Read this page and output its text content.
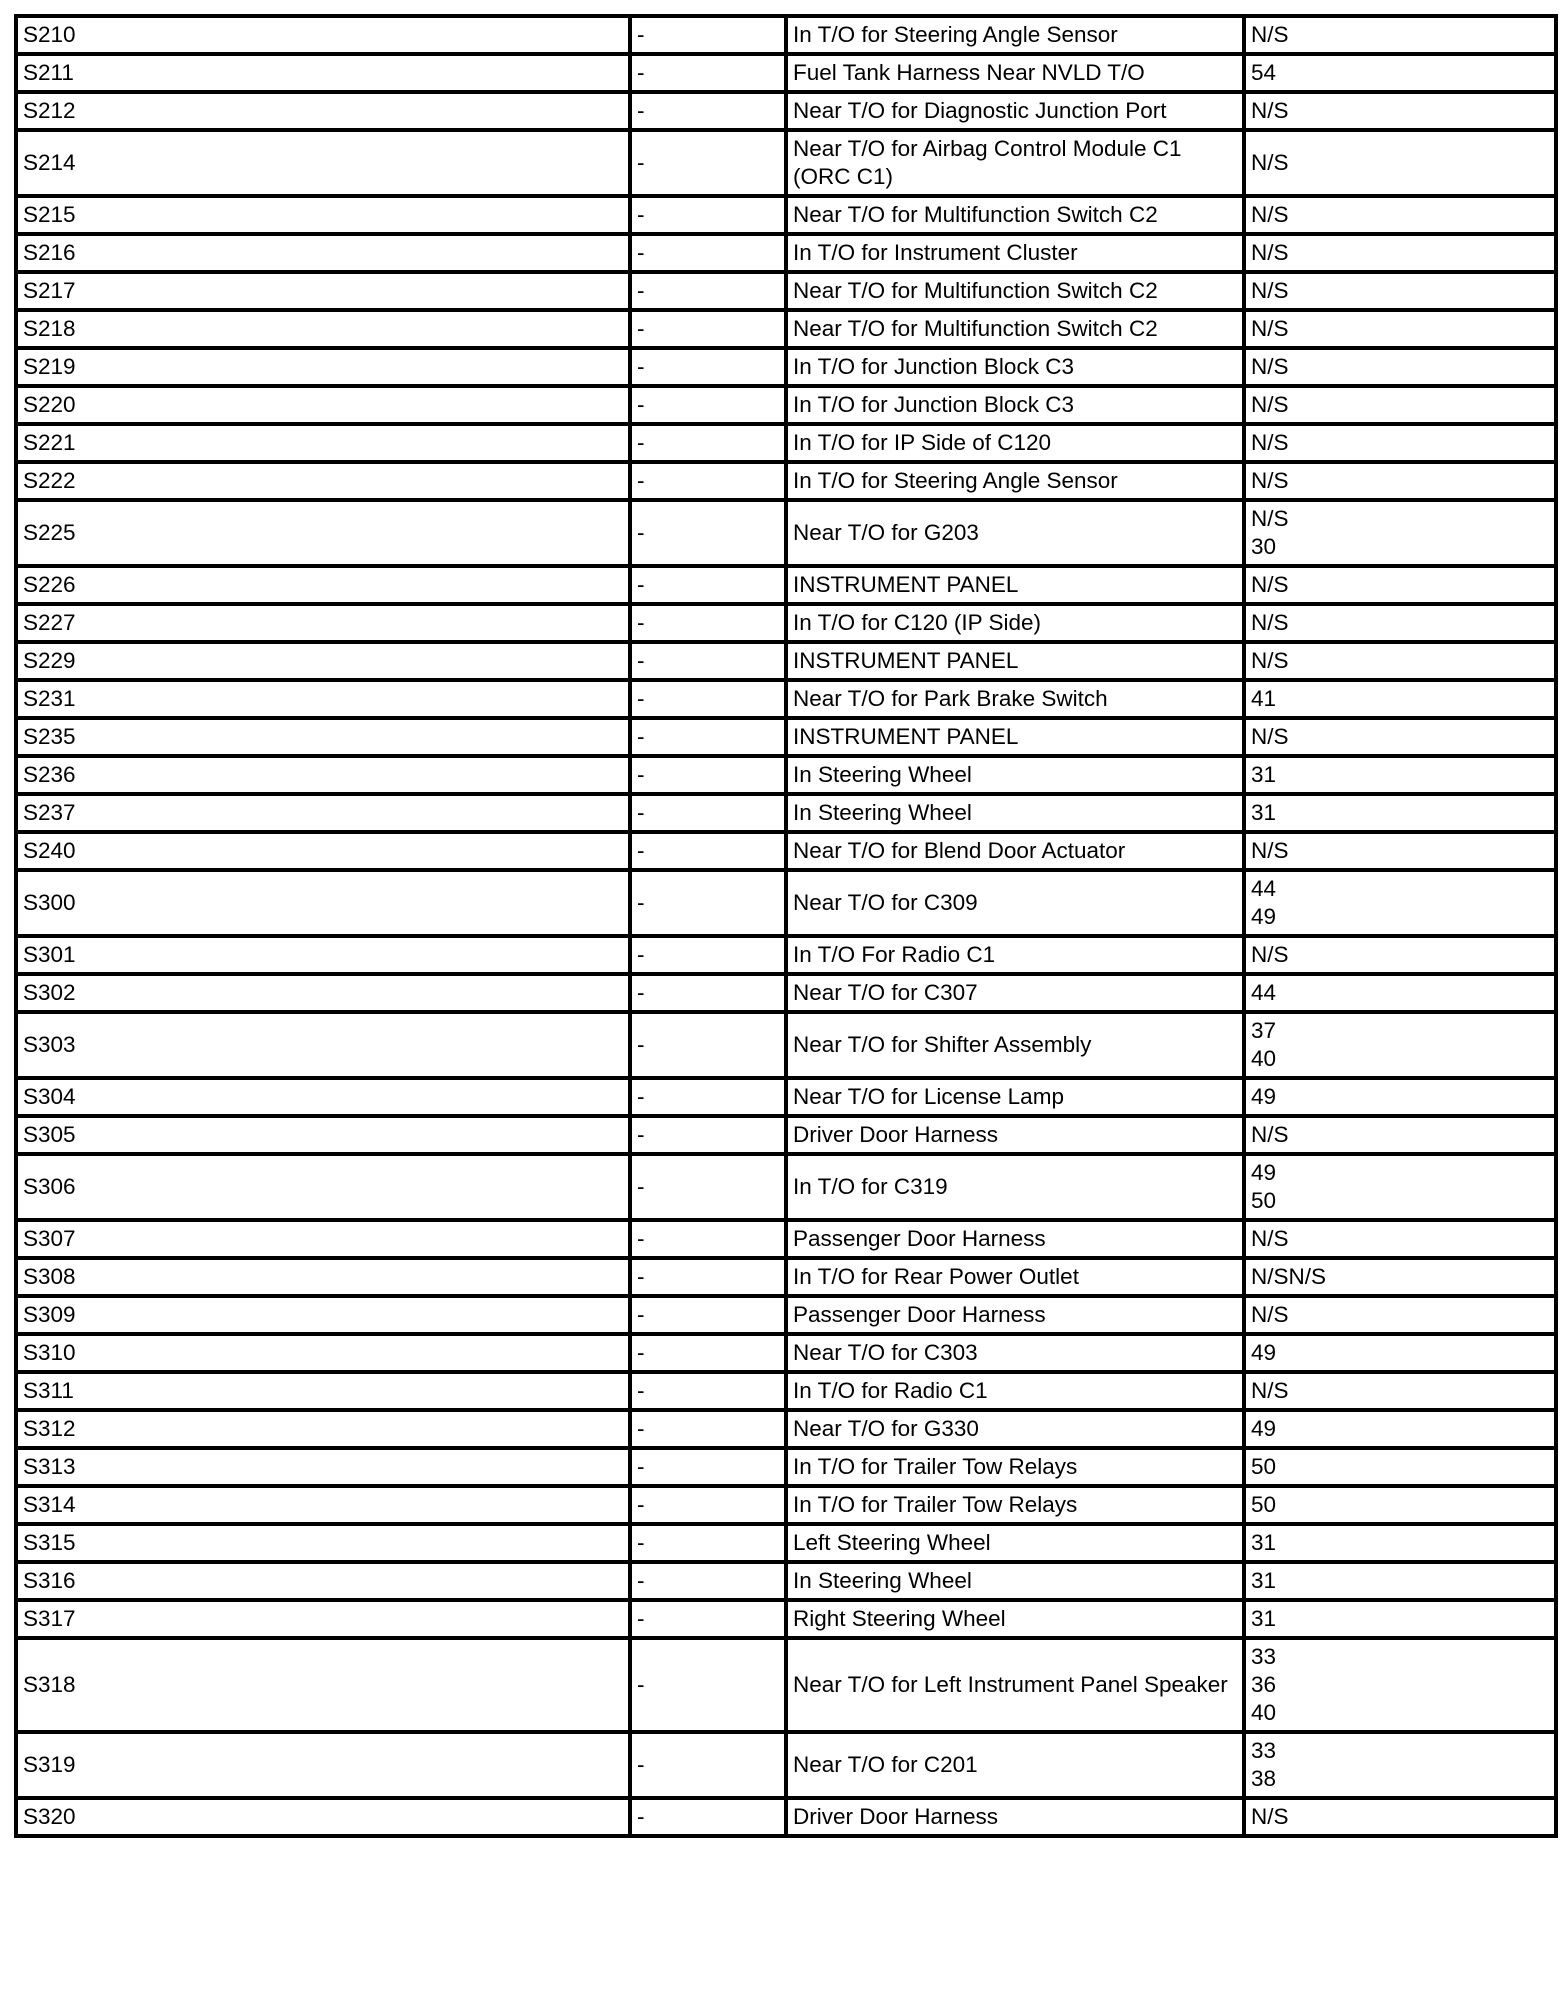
S210	-	In T/O for Steering Angle Sensor	N/S

S211	-	Fuel Tank Harness Near NVLD T/O	54

S212	-	Near T/O for Diagnostic Junction Port	N/S

S214	-	Near T/O for Airbag Control Module C1 (ORC C1)	N/S

S215	-	Near T/O for Multifunction Switch C2	N/S

S216	-	In T/O for Instrument Cluster	N/S

S217	-	Near T/O for Multifunction Switch C2	N/S

S218	-	Near T/O for Multifunction Switch C2	N/S

S219	-	In T/O for Junction Block C3	N/S

S220	-	In T/O for Junction Block C3	N/S

S221	-	In T/O for IP Side of C120	N/S

S222	-	In T/O for Steering Angle Sensor	N/S

S225	-	Near T/O for G203	N/S
30

S226	-	INSTRUMENT PANEL	N/S

S227	-	In T/O for C120 (IP Side)	N/S

S229	-	INSTRUMENT PANEL	N/S

S231	-	Near T/O for Park Brake Switch	41

S235	-	INSTRUMENT PANEL	N/S

S236	-	In Steering Wheel	31

S237	-	In Steering Wheel	31

S240	-	Near T/O for Blend Door Actuator	N/S

S300	-	Near T/O for C309	44
49

S301	-	In T/O For Radio C1	N/S

S302	-	Near T/O for C307	44

S303	-	Near T/O for Shifter Assembly	37
40

S304	-	Near T/O for License Lamp	49

S305	-	Driver Door Harness	N/S

S306	-	In T/O for C319	49
50

S307	-	Passenger Door Harness	N/S

S308	-	In T/O for Rear Power Outlet	N/SN/S

S309	-	Passenger Door Harness	N/S

S310	-	Near T/O for C303	49

S311	-	In T/O for Radio C1	N/S

S312	-	Near T/O for G330	49

S313	-	In T/O for Trailer Tow Relays	50

S314	-	In T/O for Trailer Tow Relays	50

S315	-	Left Steering Wheel	31

S316	-	In Steering Wheel	31

S317	-	Right Steering Wheel	31

S318	-	Near T/O for Left Instrument Panel Speaker	33
36
40

S319	-	Near T/O for C201	33
38

S320	-	Driver Door Harness	N/S
